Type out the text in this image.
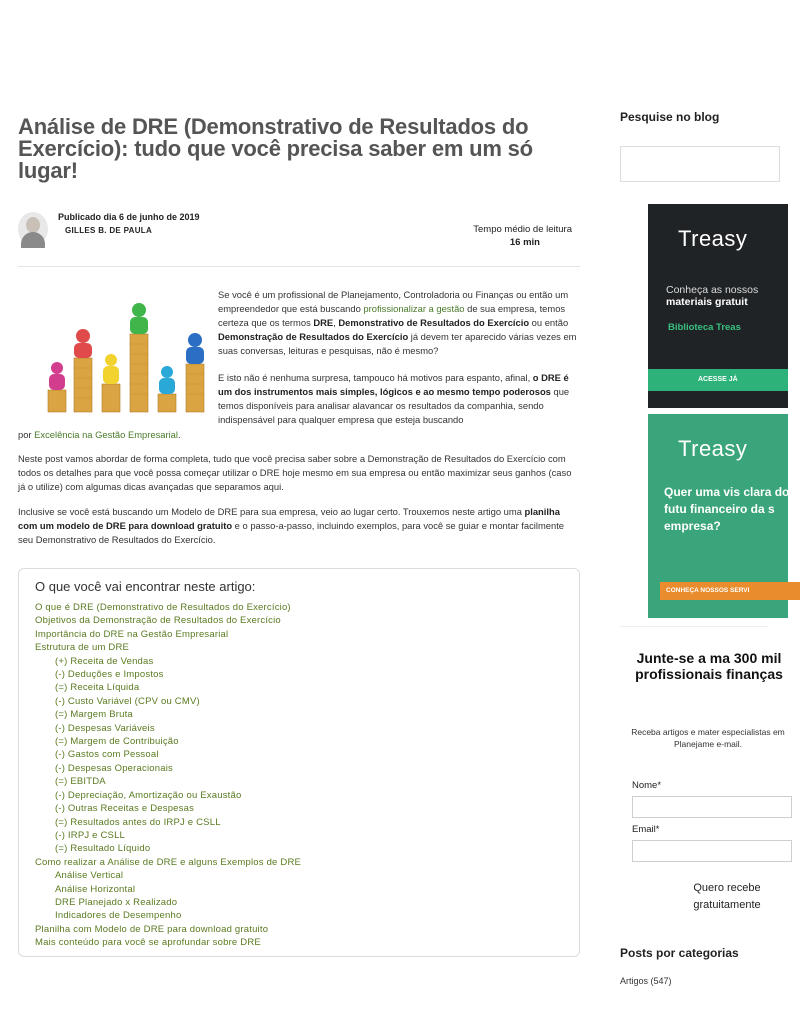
Análise de DRE (Demonstrativo de Resultados do Exercício): tudo que você precisa saber em um só lugar!
Publicado dia 6 de junho de 2019
GILLES B. DE PAULA	Tempo médio de leitura
16 min

Se você é um profissional de Planejamento, Controladoria ou Finanças ou então um empreendedor que está buscando profissionalizar a gestão de sua empresa, temos certeza que os termos DRE, Demonstrativo de Resultados do Exercício ou então Demonstração de Resultados do Exercício já devem ter aparecido várias vezes em suas conversas, leituras e pesquisas, não é mesmo?

E isto não é nenhuma surpresa, tampouco há motivos para espanto, afinal, o DRE é um dos instrumentos mais simples, lógicos e ao mesmo tempo poderosos que temos disponíveis para analisar alavancar os resultados da companhia, sendo indispensável para qualquer empresa que esteja buscando

por Excelência na Gestão Empresarial.

Neste post vamos abordar de forma completa, tudo que você precisa saber sobre a Demonstração de Resultados do Exercício com todos os detalhes para que você possa começar utilizar o DRE hoje mesmo em sua empresa ou então maximizar seus ganhos (caso já o utilize) com algumas dicas avançadas que separamos aqui.

Inclusive se você está buscando um Modelo de DRE para sua empresa, veio ao lugar certo. Trouxemos neste artigo uma planilha com um modelo de DRE para download gratuito e o passo-a-passo, incluindo exemplos, para você se guiar e montar facilmente seu Demonstrativo de Resultados do Exercício.

O que você vai encontrar neste artigo:
O que é DRE (Demonstrativo de Resultados do Exercício)
Objetivos da Demonstração de Resultados do Exercício
Importância do DRE na Gestão Empresarial
Estrutura de um DRE
(+) Receita de Vendas
(-) Deduções e Impostos
(=) Receita Líquida
(-) Custo Variável (CPV ou CMV)
(=) Margem Bruta
(-) Despesas Variáveis
(=) Margem de Contribuição
(-) Gastos com Pessoal
(-) Despesas Operacionais
(=) EBITDA
(-) Depreciação, Amortização ou Exaustão
(-) Outras Receitas e Despesas
(=) Resultados antes do IRPJ e CSLL
(-) IRPJ e CSLL
(=) Resultado Líquido
Como realizar a Análise de DRE e alguns Exemplos de DRE
Análise Vertical
Análise Horizontal
DRE Planejado x Realizado
Indicadores de Desempenho
Planilha com Modelo de DRE para download gratuito
Mais conteúdo para você se aprofundar sobre DRE
Pesquise no blog
Treasy
Conheça as nossos
materiais gratuit
Biblioteca Treas
ACESSE JÁ
Treasy
Quer uma vis clara do futu financeiro da s empresa?
CONHEÇA NOSSOS SERVI
Junte-se a ma 300 mil profissionais finanças
Receba artigos e mater especialistas em Planejame e-mail.
Nome*
Email*
Quero recebe gratuitamente
Posts por categorias
Artigos (547)
